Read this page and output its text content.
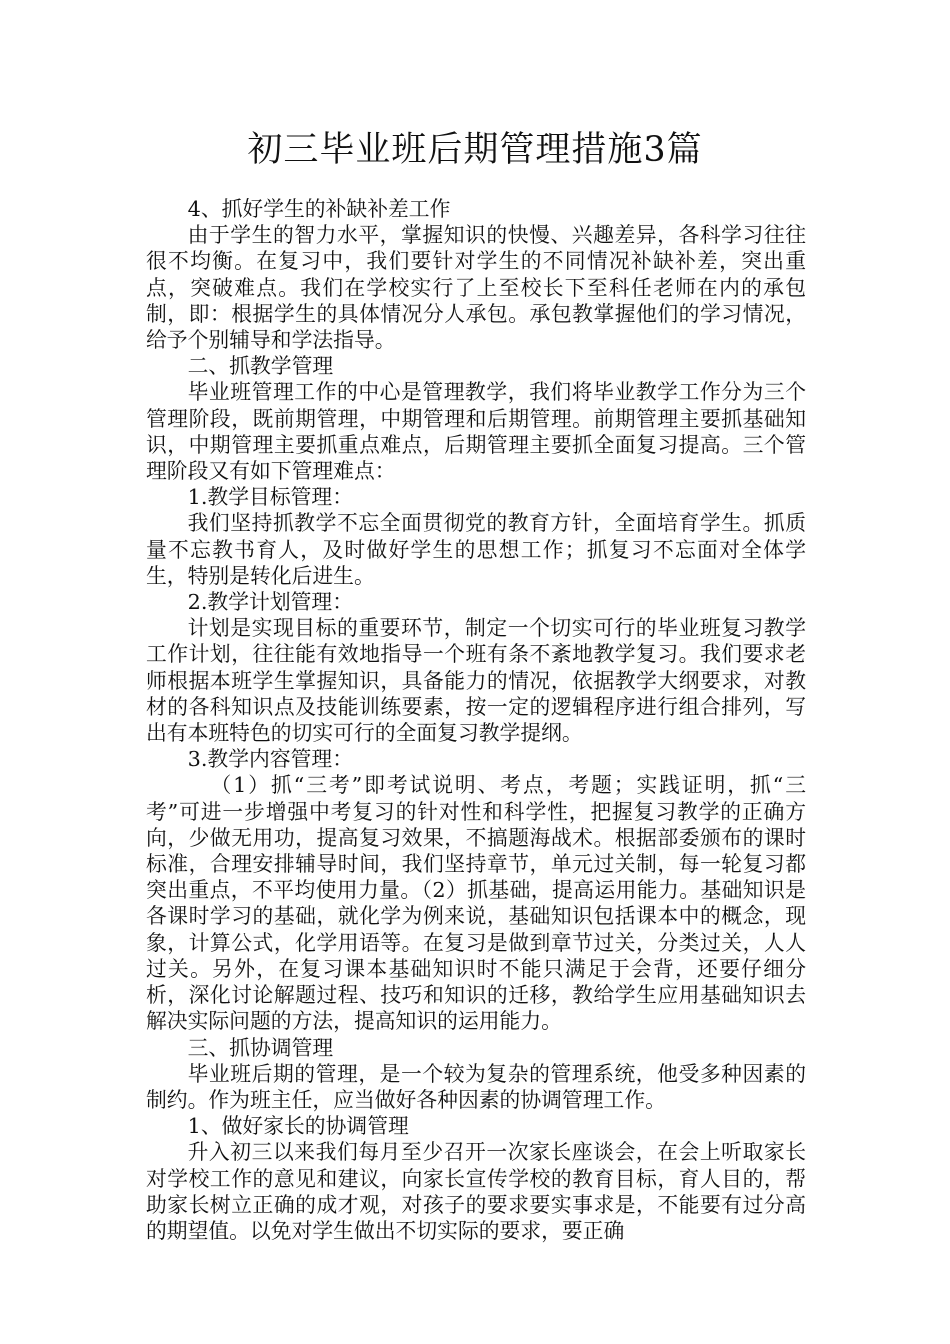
初三毕业班后期管理措施3篇

4、抓好学生的补缺补差工作

由于学生的智力水平，掌握知识的快慢、兴趣差异，各科学习往往很不均衡。在复习中，我们要针对学生的不同情况补缺补差，突出重点，突破难点。我们在学校实行了上至校长下至科任老师在内的承包制，即：根据学生的具体情况分人承包。承包教掌握他们的学习情况，给予个别辅导和学法指导。

二、抓教学管理

毕业班管理工作的中心是管理教学，我们将毕业教学工作分为三个管理阶段，既前期管理，中期管理和后期管理。前期管理主要抓基础知识，中期管理主要抓重点难点，后期管理主要抓全面复习提高。三个管理阶段又有如下管理难点：

1.教学目标管理：

我们坚持抓教学不忘全面贯彻党的教育方针，全面培育学生。抓质量不忘教书育人，及时做好学生的思想工作；抓复习不忘面对全体学生，特别是转化后进生。

2.教学计划管理：

计划是实现目标的重要环节，制定一个切实可行的毕业班复习教学工作计划，往往能有效地指导一个班有条不紊地教学复习。我们要求老师根据本班学生掌握知识，具备能力的情况，依据教学大纲要求，对教材的各科知识点及技能训练要素，按一定的逻辑程序进行组合排列，写出有本班特色的切实可行的全面复习教学提纲。

3.教学内容管理：

（1）抓“三考”即考试说明、考点，考题；实践证明，抓“三考”可进一步增强中考复习的针对性和科学性，把握复习教学的正确方向，少做无用功，提高复习效果，不搞题海战术。根据部委颁布的课时标准，合理安排辅导时间，我们坚持章节，单元过关制，每一轮复习都突出重点，不平均使用力量。（2）抓基础，提高运用能力。基础知识是各课时学习的基础，就化学为例来说，基础知识包括课本中的概念，现象，计算公式，化学用语等。在复习是做到章节过关，分类过关，人人过关。另外，在复习课本基础知识时不能只满足于会背，还要仔细分析，深化讨论解题过程、技巧和知识的迁移，教给学生应用基础知识去解决实际问题的方法，提高知识的运用能力。

三、抓协调管理

毕业班后期的管理，是一个较为复杂的管理系统，他受多种因素的制约。作为班主任，应当做好各种因素的协调管理工作。

1、做好家长的协调管理

升入初三以来我们每月至少召开一次家长座谈会，在会上听取家长对学校工作的意见和建议，向家长宣传学校的教育目标，育人目的，帮助家长树立正确的成才观，对孩子的要求要实事求是，不能要有过分高的期望值。以免对学生做出不切实际的要求，要正确
